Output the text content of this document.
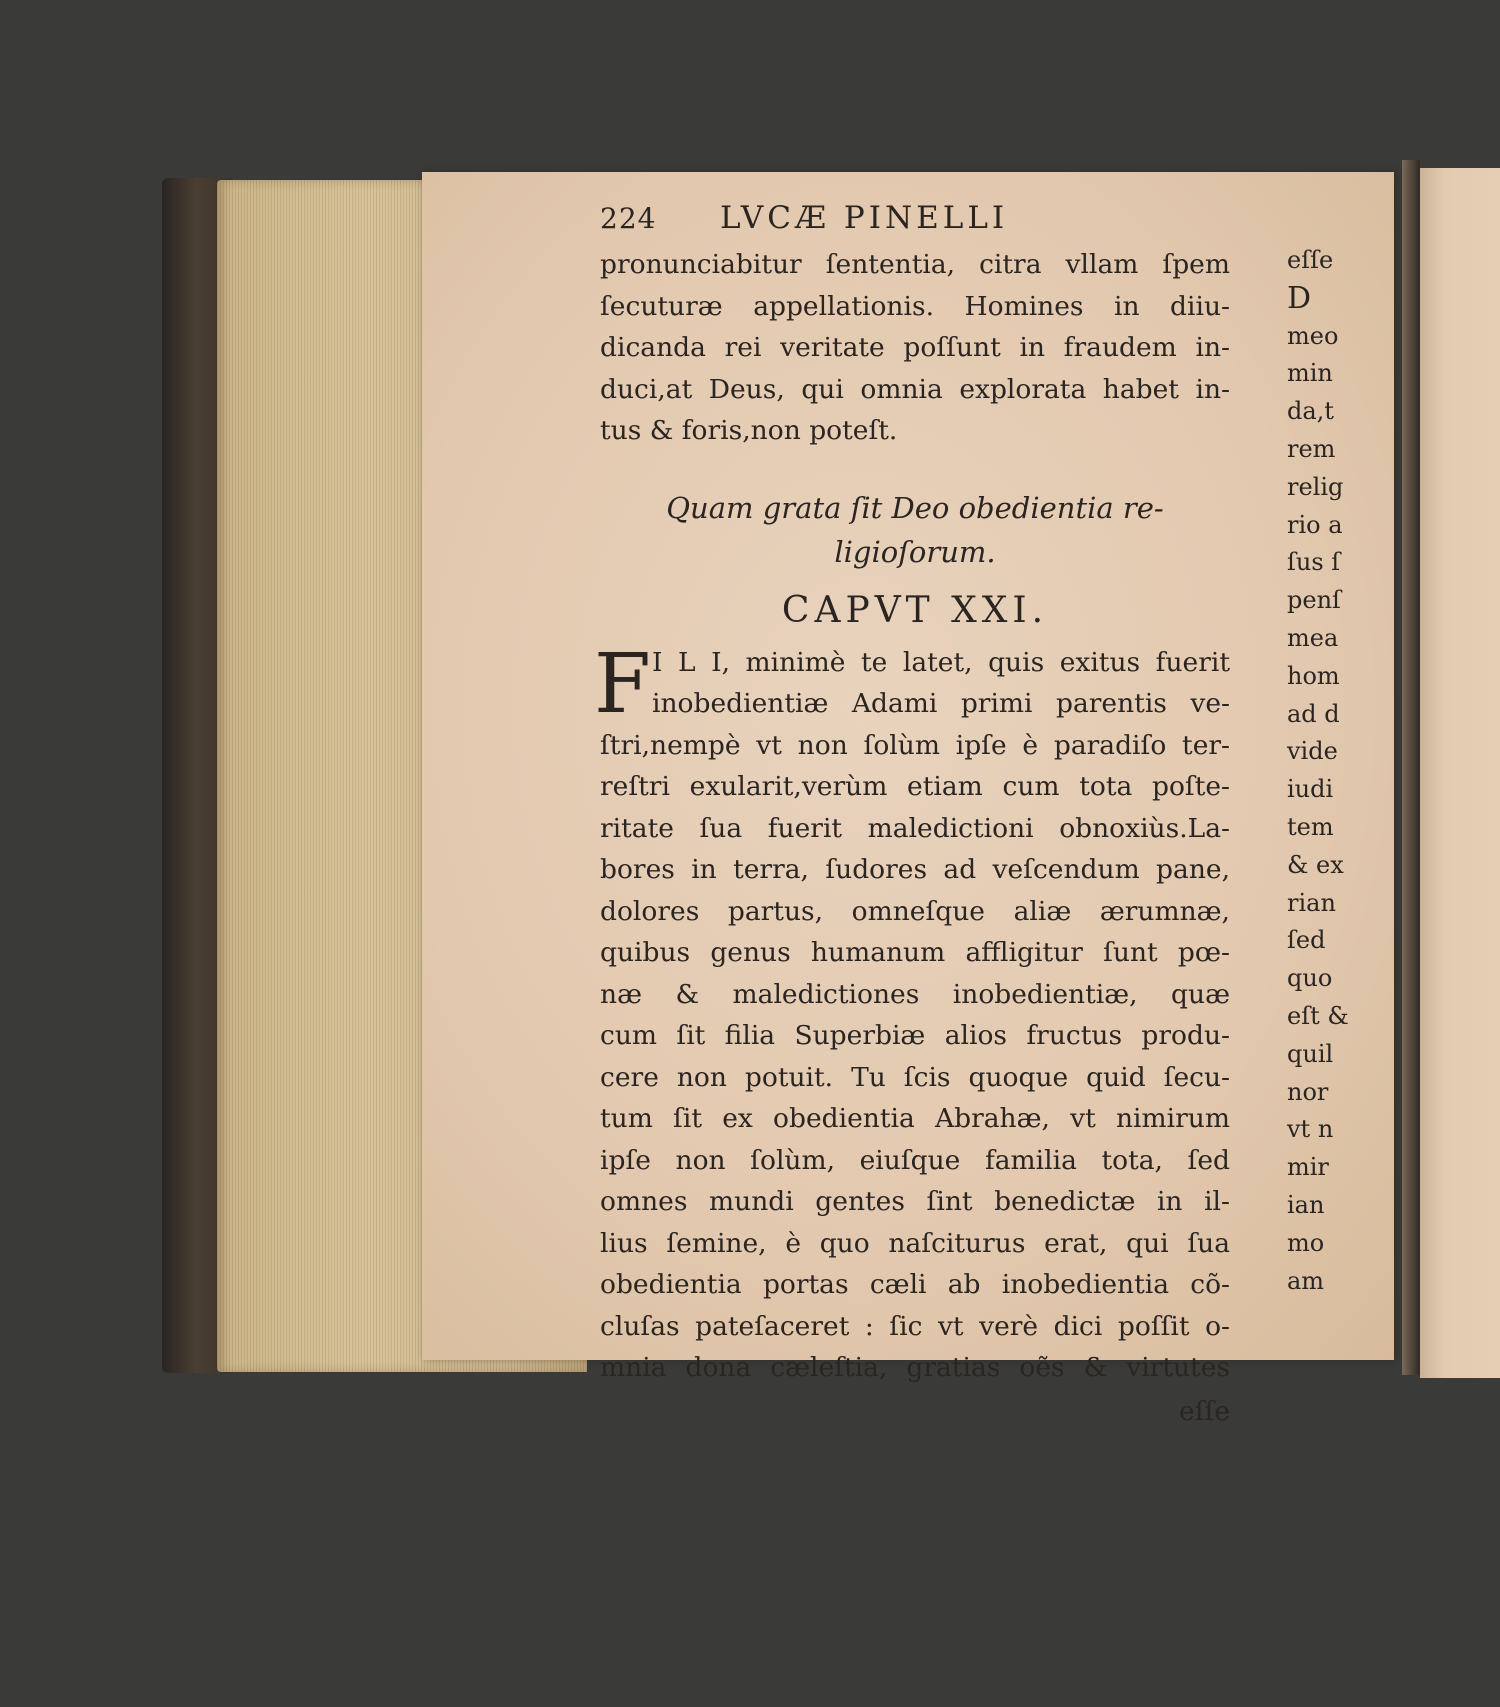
224	LVCÆ PINELLI
pronunciabitur ſententia, citra vllam ſpem
ſecuturæ appellationis. Homines in diiu-
dicanda rei veritate poſſunt in fraudem in-
duci,at Deus, qui omnia explorata habet in-
tus & foris,non poteſt.
Quam grata ſit Deo obedientia re-
ligioſorum.
CAPVT XXI.
F I L I, minimè te latet, quis exitus fuerit
inobedientiæ Adami primi parentis ve-
ſtri,nempè vt non ſolùm ipſe è paradiſo ter-
reſtri exularit,verùm etiam cum tota poſte-
ritate ſua fuerit maledictioni obnoxiùs.La-
bores in terra, ſudores ad veſcendum pane,
dolores partus, omneſque aliæ ærumnæ,
quibus genus humanum affligitur ſunt pœ-
næ & maledictiones inobedientiæ, quæ
cum ſit filia Superbiæ alios fructus produ-
cere non potuit. Tu ſcis quoque quid ſecu-
tum ſit ex obedientia Abrahæ, vt nimirum
ipſe non ſolùm, eiuſque familia tota, ſed
omnes mundi gentes ſint benedictæ in il-
lius ſemine, è quo naſciturus erat, qui ſua
obedientia portas cæli ab inobedientia cõ-
cluſas pateſaceret : ſic vt verè dici poſſit o-
mnia dona cæleſtia, gratias oẽs & virtutes
eſſe
eſſe
D
meo
min
da,t
rem
relig
rio a
ſus ſ
penſ
mea
hom
ad d
vide
iudi
tem
& ex
rian
ſed
quo
eſt &
quil
nor
vt n
mir
ian
mo
am
